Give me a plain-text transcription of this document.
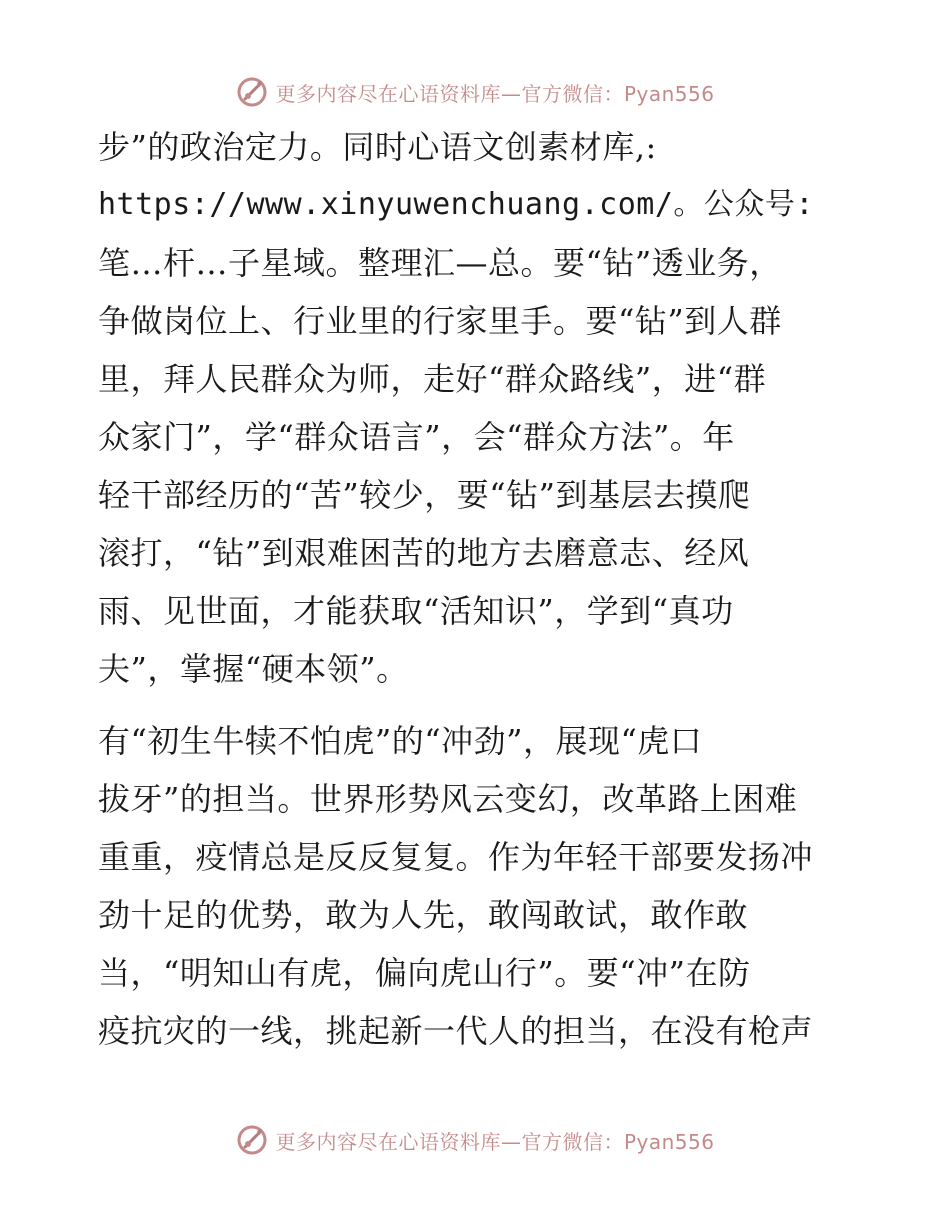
更多内容尽在心语资料库—官方微信：Pyan556
步”的政治定力。同时心语文创素材库,:
https://www.xinyuwenchuang.com/。公众号:
笔…杆…子星域。整理汇—总。要“钻”透业务，
争做岗位上、行业里的行家里手。要“钻”到人群
里，拜人民群众为师，走好“群众路线”，进“群
众家门”，学“群众语言”，会“群众方法”。年
轻干部经历的“苦”较少，要“钻”到基层去摸爬
滚打，“钻”到艰难困苦的地方去磨意志、经风
雨、见世面，才能获取“活知识”，学到“真功
夫”，掌握“硬本领”。
有“初生牛犊不怕虎”的“冲劲”，展现“虎口
拔牙”的担当。世界形势风云变幻，改革路上困难
重重，疫情总是反反复复。作为年轻干部要发扬冲
劲十足的优势，敢为人先，敢闯敢试，敢作敢
当，“明知山有虎，偏向虎山行”。要“冲”在防
疫抗灾的一线，挑起新一代人的担当，在没有枪声
更多内容尽在心语资料库—官方微信：Pyan556
